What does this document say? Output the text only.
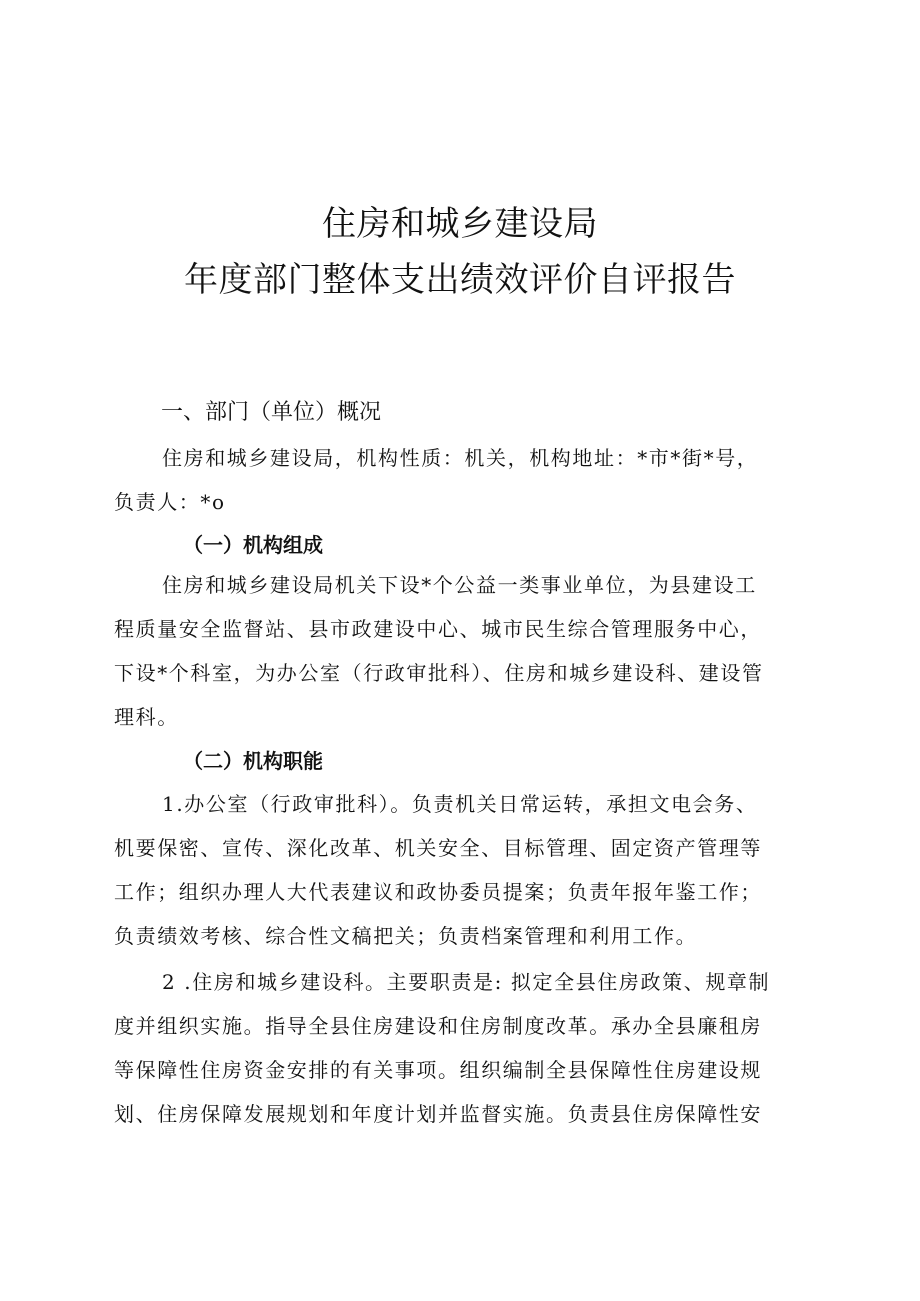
住房和城乡建设局
年度部门整体支出绩效评价自评报告
一、部门（单位）概况
住房和城乡建设局，机构性质：机关，机构地址：*市*街*号，
负责人：*o
（一）机构组成
住房和城乡建设局机关下设*个公益一类事业单位，为县建设工
程质量安全监督站、县市政建设中心、城市民生综合管理服务中心，
下设*个科室，为办公室（行政审批科）、住房和城乡建设科、建设管
理科。
（二）机构职能
1.办公室（行政审批科）。负责机关日常运转，承担文电会务、
机要保密、宣传、深化改革、机关安全、目标管理、固定资产管理等
工作；组织办理人大代表建议和政协委员提案；负责年报年鉴工作；
负责绩效考核、综合性文稿把关；负责档案管理和利用工作。
2 .住房和城乡建设科。主要职责是: 拟定全县住房政策、规章制
度并组织实施。指导全县住房建设和住房制度改革。承办全县廉租房
等保障性住房资金安排的有关事项。组织编制全县保障性住房建设规
划、住房保障发展规划和年度计划并监督实施。负责县住房保障性安
